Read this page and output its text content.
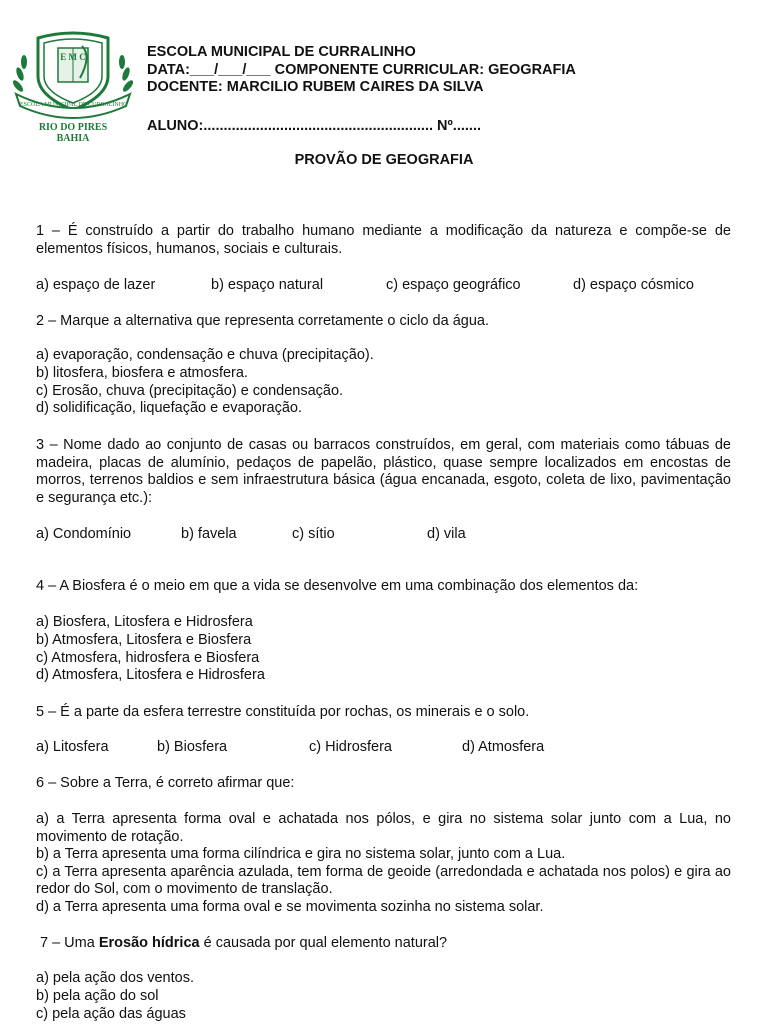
E M C
ESCOLA MUNICIPAL DE CURRALINHO
RIO DO PIRES
BAHIA
ESCOLA MUNICIPAL DE CURRALINHO
DATA:___/___/___ COMPONENTE CURRICULAR: GEOGRAFIA
DOCENTE: MARCILIO RUBEM CAIRES DA SILVA
ALUNO:......................................................... Nº.......
PROVÃO DE GEOGRAFIA

1 – É construído a partir do trabalho humano mediante a modificação da natureza e compõe-se de elementos físicos, humanos, sociais e culturais.

a) espaço de lazer	b) espaço natural	c) espaço geográfico	d) espaço cósmico

2 – Marque a alternativa que representa corretamente o ciclo da água.

a) evaporação, condensação e chuva (precipitação).
b) litosfera, biosfera e atmosfera.
c) Erosão, chuva (precipitação) e condensação.
d) solidificação, liquefação e evaporação.

3 – Nome dado ao conjunto de casas ou barracos construídos, em geral, com materiais como tábuas de madeira, placas de alumínio, pedaços de papelão, plástico, quase sempre localizados em encostas de morros, terrenos baldios e sem infraestrutura básica (água encanada, esgoto, coleta de lixo, pavimentação e segurança etc.):

a) Condomínio	b) favela	c) sítio	d) vila

4 – A Biosfera é o meio em que a vida se desenvolve em uma combinação dos elementos da:

a) Biosfera, Litosfera e Hidrosfera
b) Atmosfera, Litosfera e Biosfera
c) Atmosfera, hidrosfera e Biosfera
d) Atmosfera, Litosfera e Hidrosfera

5 – É a parte da esfera terrestre constituída por rochas, os minerais e o solo.

a) Litosfera	b) Biosfera	c) Hidrosfera	d) Atmosfera

6 – Sobre a Terra, é correto afirmar que:

a) a Terra apresenta forma oval e achatada nos pólos, e gira no sistema solar junto com a Lua, no movimento de rotação.
b) a Terra apresenta uma forma cilíndrica e gira no sistema solar, junto com a Lua.
c) a Terra apresenta aparência azulada, tem forma de geoide (arredondada e achatada nos polos) e gira ao redor do Sol, com o movimento de translação.
d) a Terra apresenta uma forma oval e se movimenta sozinha no sistema solar.

7 – Uma Erosão hídrica é causada por qual elemento natural?

a) pela ação dos ventos.
b) pela ação do sol
c) pela ação das águas
